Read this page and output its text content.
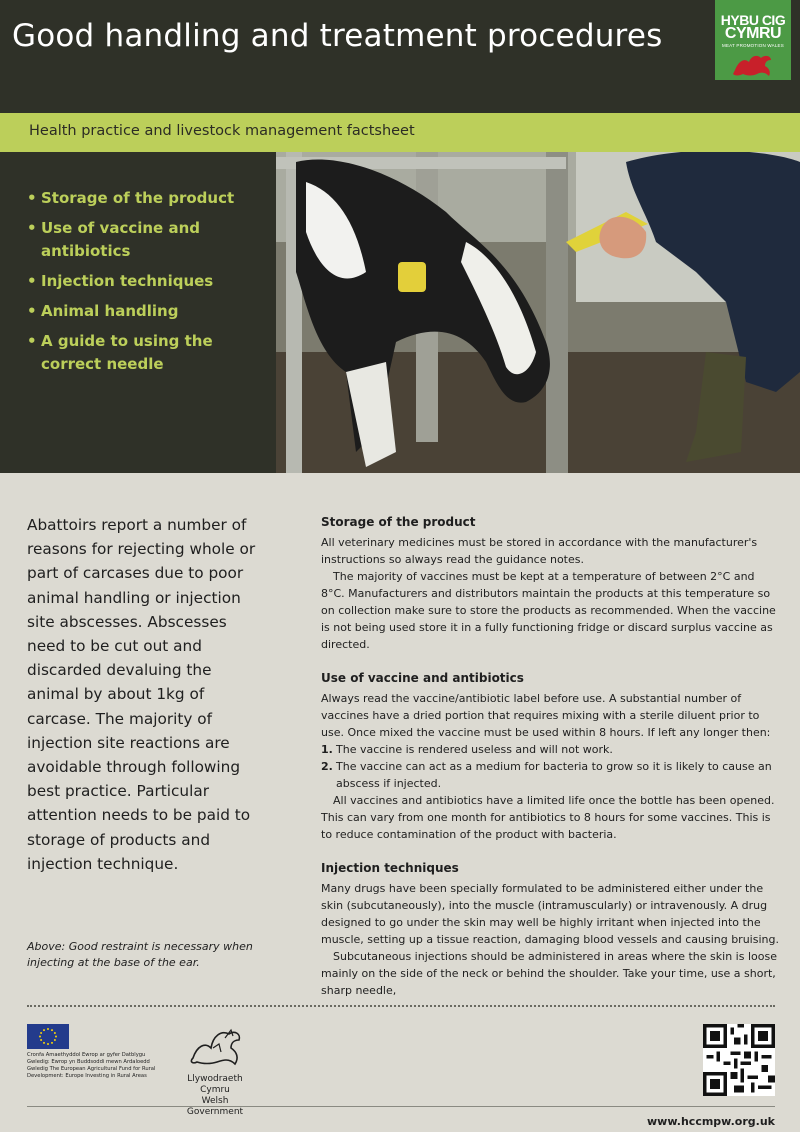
Good handling and treatment procedures	HYBU CIG
CYMRU
MEAT PROMOTION WALES
Health practice and livestock management factsheet
• Storage of the product
• Use of vaccine and antibiotics
• Injection techniques
• Animal handling
• A guide to using the correct needle

Abattoirs report a number of reasons for rejecting whole or part of carcases due to poor animal handling or injection site abscesses. Abscesses need to be cut out and discarded devaluing the animal by about 1kg of carcase. The majority of injection site reactions are avoidable through following best practice. Particular attention needs to be paid to storage of products and injection technique.

Above: Good restraint is necessary when injecting at the base of the ear.

Storage of the product

All veterinary medicines must be stored in accordance with the manufacturer's instructions so always read the guidance notes.

The majority of vaccines must be kept at a temperature of between 2°C and 8°C. Manufacturers and distributors maintain the products at this temperature so on collection make sure to store the products as recommended. When the vaccine is not being used store it in a fully functioning fridge or discard surplus vaccine as directed.

Use of vaccine and antibiotics

Always read the vaccine/antibiotic label before use. A substantial number of vaccines have a dried portion that requires mixing with a sterile diluent prior to use. Once mixed the vaccine must be used within 8 hours. If left any longer then:

1. The vaccine is rendered useless and will not work.
2. The vaccine can act as a medium for bacteria to grow so it is likely to cause an abscess if injected.

All vaccines and antibiotics have a limited life once the bottle has been opened. This can vary from one month for antibiotics to 8 hours for some vaccines. This is to reduce contamination of the product with bacteria.

Injection techniques

Many drugs have been specially formulated to be administered either under the skin (subcutaneously), into the muscle (intramuscularly) or intravenously. A drug designed to go under the skin may well be highly irritant when injected into the muscle, setting up a tissue reaction, damaging blood vessels and causing bruising.

Subcutaneous injections should be administered in areas where the skin is loose mainly on the side of the neck or behind the shoulder. Take your time, use a short, sharp needle,

Cronfa Amaethyddol Ewrop ar gyfer Datblygu Gwledig: Ewrop yn Buddsoddi mewn Ardaloedd Gwledig The European Agricultural Fund for Rural Development: Europe Investing in Rural Areas	Llywodraeth Cymru
Welsh Government
www.hccmpw.org.uk
